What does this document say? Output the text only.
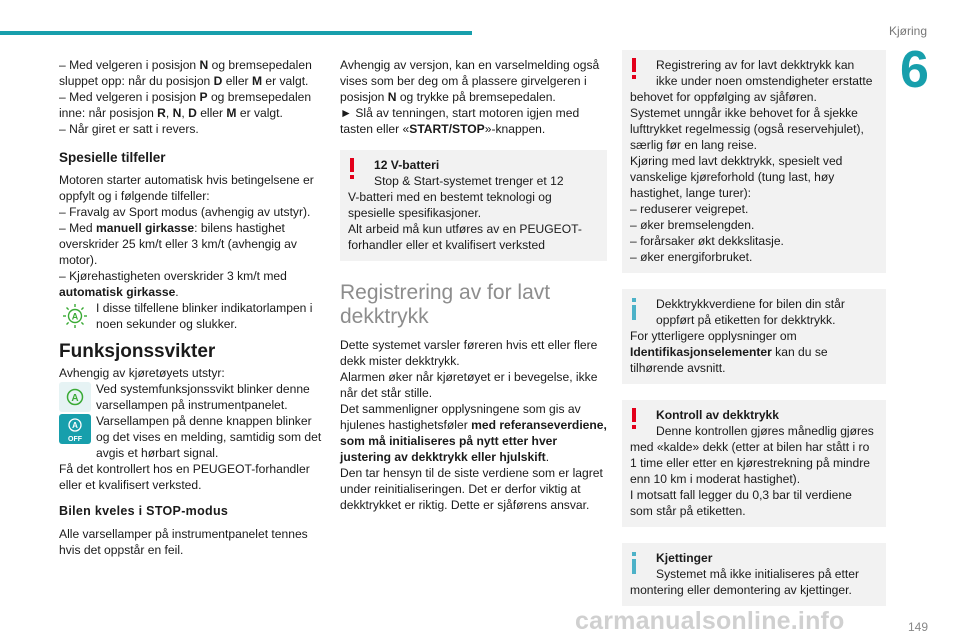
Kjøring
6

– Med velgeren i posisjon N og bremsepedalen sluppet opp: når du posisjon D eller M er valgt.

– Med velgeren i posisjon P og bremsepedalen inne: når posisjon R, N, D eller M er valgt.

– Når giret er satt i revers.

Spesielle tilfeller

Motoren starter automatisk hvis betingelsene er oppfylt og i følgende tilfeller:

– Fravalg av Sport modus (avhengig av utstyr).

– Med manuell girkasse: bilens hastighet overskrider 25 km/t eller 3 km/t (avhengig av motor).

– Kjørehastigheten overskrider 3 km/t med automatisk girkasse.

A
I disse tilfellene blinker indikatorlampen i noen sekunder og slukker.
Funksjonssvikter

Avhengig av kjøretøyets utstyr:

A
Ved systemfunksjonssvikt blinker denne varsellampen på instrumentpanelet.
A
OFF
Varsellampen på denne knappen blinker og det vises en melding, samtidig som det avgis et hørbart signal.

Få det kontrollert hos en PEUGEOT-forhandler eller et kvalifisert verksted.

Bilen kveles i STOP-modus

Alle varsellamper på instrumentpanelet tennes hvis det oppstår en feil.

Avhengig av versjon, kan en varselmelding også vises som ber deg om å plassere girvelgeren i posisjon N og trykke på bremsepedalen.

► Slå av tenningen, start motoren igjen med tasten eller «START/STOP»-knappen.

12 V-batteri
Stop & Start-systemet trenger et 12

V-batteri med en bestemt teknologi og spesielle spesifikasjoner.

Alt arbeid må kun utføres av en PEUGEOT-forhandler eller et kvalifisert verksted

Registrering av for lavt dekktrykk

Dette systemet varsler føreren hvis ett eller flere dekk mister dekktrykk.

Alarmen øker når kjøretøyet er i bevegelse, ikke når det står stille.

Det sammenligner opplysningene som gis av hjulenes hastighetsføler med referanseverdiene, som må initialiseres på nytt etter hver justering av dekktrykk eller hjulskift.

Den tar hensyn til de siste verdiene som er lagret under reinitialiseringen. Det er derfor viktig at dekktrykket er riktig. Dette er sjåførens ansvar.

Registrering av for lavt dekktrykk kan
ikke under noen omstendigheter erstatte
behovet for oppfølging av sjåføren.

Systemet unngår ikke behovet for å sjekke lufttrykket regelmessig (også reservehjulet), særlig før en lang reise.

Kjøring med lavt dekktrykk, spesielt ved vanskelige kjøreforhold (tung last, høy hastighet, lange turer):

– reduserer veigrepet.

– øker bremselengden.

– forårsaker økt dekkslitasje.

– øker energiforbruket.

Dekktrykkverdiene for bilen din står
oppført på etiketten for dekktrykk.

For ytterligere opplysninger om Identifikasjonselementer kan du se tilhørende avsnitt.

Kontroll av dekktrykk

Denne kontrollen gjøres månedlig gjøres
med «kalde» dekk (etter at bilen har stått i ro 1 time eller etter en kjørestrekning på mindre enn 10 km i moderat hastighet).

I motsatt fall legger du 0,3 bar til verdiene som står på etiketten.

Kjettinger

Systemet må ikke initialiseres på etter
montering eller demontering av kjettinger.

carmanualsonline.info	149
